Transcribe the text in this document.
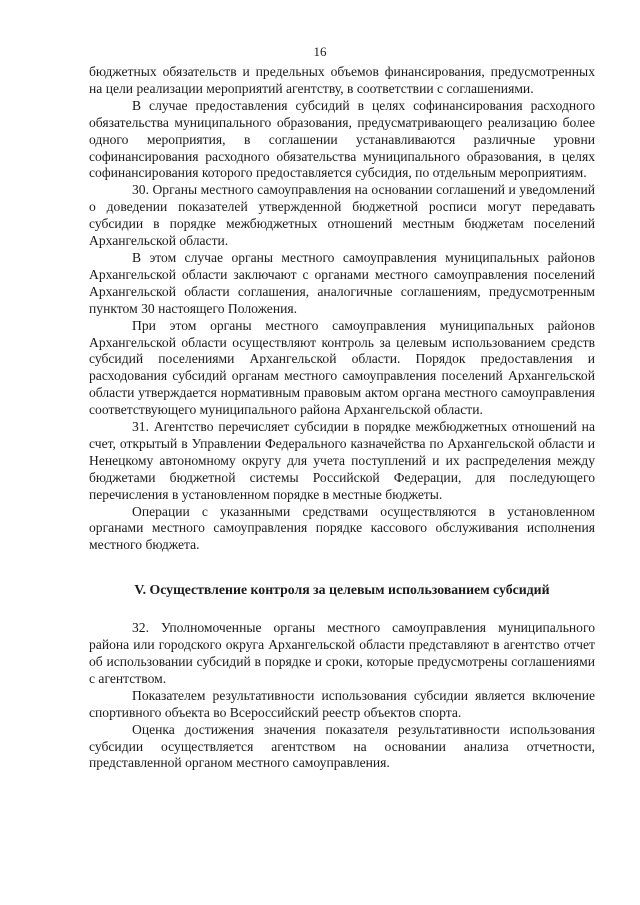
16

бюджетных обязательств и предельных объемов финансирования, предусмотренных на цели реализации мероприятий агентству, в соответствии с соглашениями.

В случае предоставления субсидий в целях софинансирования расходного обязательства муниципального образования, предусматривающего реализацию более одного мероприятия, в соглашении устанавливаются различные уровни софинансирования расходного обязательства муниципального образования, в целях софинансирования которого предоставляется субсидия, по отдельным мероприятиям.

30. Органы местного самоуправления на основании соглашений и уведомлений о доведении показателей утвержденной бюджетной росписи могут передавать субсидии в порядке межбюджетных отношений местным бюджетам поселений Архангельской области.

В этом случае органы местного самоуправления муниципальных районов Архангельской области заключают с органами местного самоуправления поселений Архангельской области соглашения, аналогичные соглашениям, предусмотренным пунктом 30 настоящего Положения.

При этом органы местного самоуправления муниципальных районов Архангельской области осуществляют контроль за целевым использованием средств субсидий поселениями Архангельской области. Порядок предоставления и расходования субсидий органам местного самоуправления поселений Архангельской области утверждается нормативным правовым актом органа местного самоуправления соответствующего муниципального района Архангельской области.

31. Агентство перечисляет субсидии в порядке межбюджетных отношений на счет, открытый в Управлении Федерального казначейства по Архангельской области и Ненецкому автономному округу для учета поступлений и их распределения между бюджетами бюджетной системы Российской Федерации, для последующего перечисления в установленном порядке в местные бюджеты.

Операции с указанными средствами осуществляются в установленном органами местного самоуправления порядке кассового обслуживания исполнения местного бюджета.

V. Осуществление контроля за целевым использованием субсидий

32. Уполномоченные органы местного самоуправления муниципального района или городского округа Архангельской области представляют в агентство отчет об использовании субсидий в порядке и сроки, которые предусмотрены соглашениями с агентством.

Показателем результативности использования субсидии является включение спортивного объекта во Всероссийский реестр объектов спорта.

Оценка достижения значения показателя результативности использования субсидии осуществляется агентством на основании анализа отчетности, представленной органом местного самоуправления.
